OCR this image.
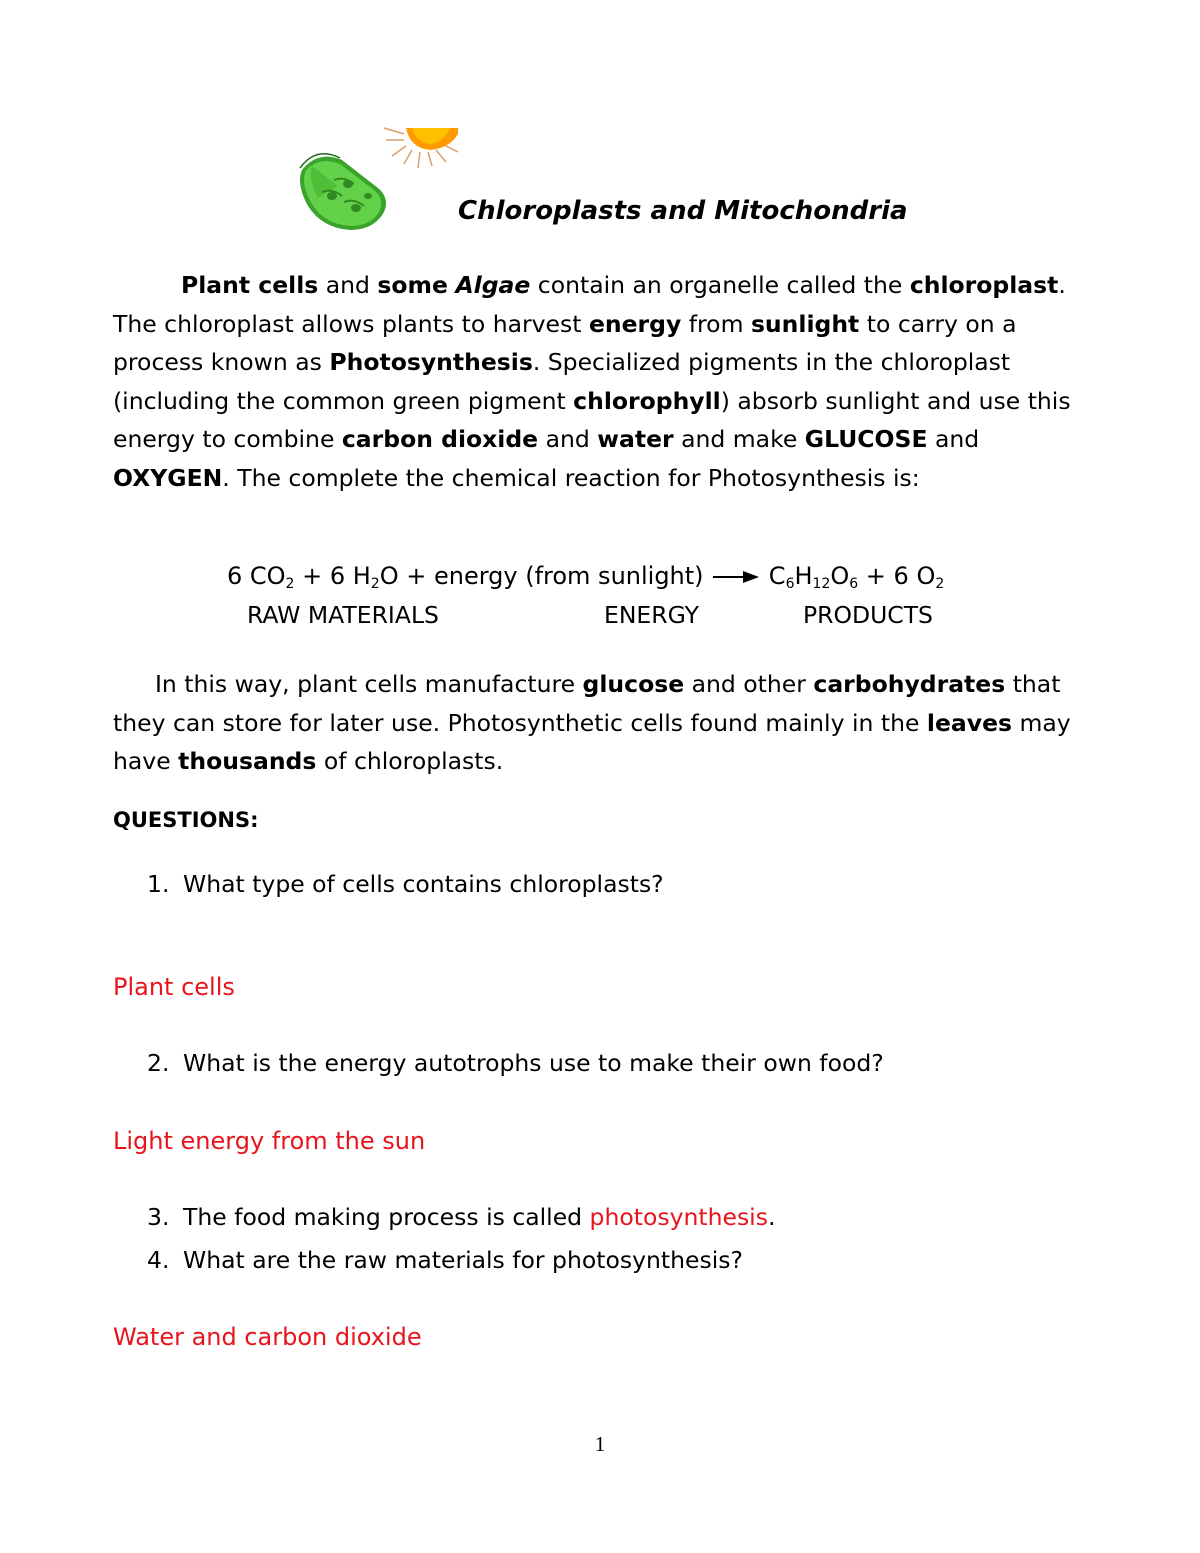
Chloroplasts and Mitochondria
Plant cells and some Algae contain an organelle called the chloroplast. The chloroplast allows plants to harvest energy from sunlight to carry on a process known as Photosynthesis. Specialized pigments in the chloroplast (including the common green pigment chlorophyll) absorb sunlight and use this energy to combine carbon dioxide and water and make GLUCOSE and OXYGEN. The complete the chemical reaction for Photosynthesis is:
6 $CO_2 + 6$ $H_2O$ + energy (from sunlight) → $C_6H_{12}O_6 + 6$ $O_2$
RAW MATERIALS	ENERGY	PRODUCTS
In this way, plant cells manufacture glucose and other carbohydrates that they can store for later use. Photosynthetic cells found mainly in the leaves may have thousands of chloroplasts.
QUESTIONS:
1. What type of cells contains chloroplasts?
Plant cells
2. What is the energy autotrophs use to make their own food?
Light energy from the sun
3. The food making process is called photosynthesis.
4. What are the raw materials for photosynthesis?
Water and carbon dioxide
1
